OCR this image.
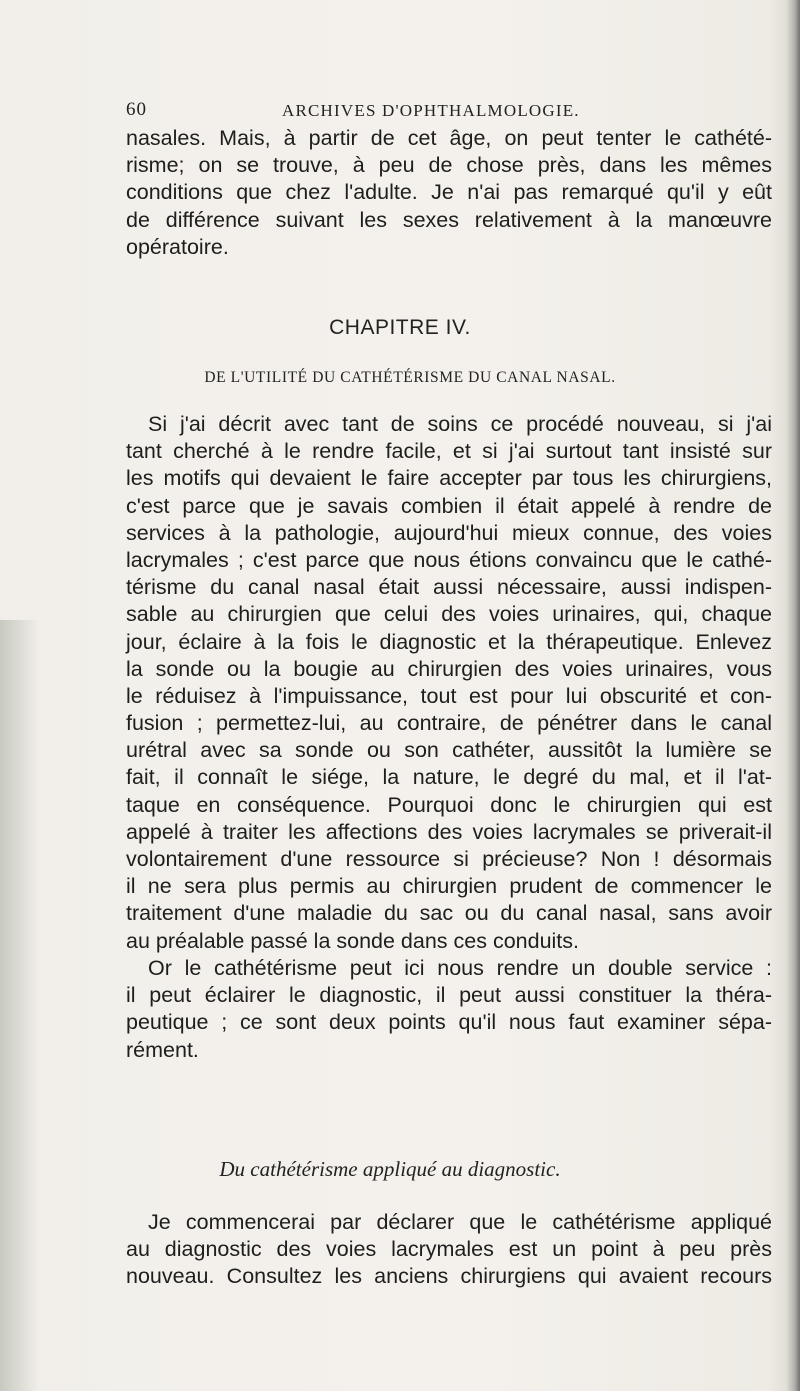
60	ARCHIVES D'OPHTHALMOLOGIE.
nasales. Mais, à partir de cet âge, on peut tenter le cathété-
risme; on se trouve, à peu de chose près, dans les mêmes
conditions que chez l'adulte. Je n'ai pas remarqué qu'il y eût
de différence suivant les sexes relativement à la manœuvre
opératoire.
CHAPITRE IV.
DE L'UTILITÉ DU CATHÉTÉRISME DU CANAL NASAL.
Si j'ai décrit avec tant de soins ce procédé nouveau, si j'ai
tant cherché à le rendre facile, et si j'ai surtout tant insisté sur
les motifs qui devaient le faire accepter par tous les chirurgiens,
c'est parce que je savais combien il était appelé à rendre de
services à la pathologie, aujourd'hui mieux connue, des voies
lacrymales ; c'est parce que nous étions convaincu que le cathé-
térisme du canal nasal était aussi nécessaire, aussi indispen-
sable au chirurgien que celui des voies urinaires, qui, chaque
jour, éclaire à la fois le diagnostic et la thérapeutique. Enlevez
la sonde ou la bougie au chirurgien des voies urinaires, vous
le réduisez à l'impuissance, tout est pour lui obscurité et con-
fusion ; permettez-lui, au contraire, de pénétrer dans le canal
urétral avec sa sonde ou son cathéter, aussitôt la lumière se
fait, il connaît le siége, la nature, le degré du mal, et il l'at-
taque en conséquence. Pourquoi donc le chirurgien qui est
appelé à traiter les affections des voies lacrymales se priverait-il
volontairement d'une ressource si précieuse? Non ! désormais
il ne sera plus permis au chirurgien prudent de commencer le
traitement d'une maladie du sac ou du canal nasal, sans avoir
au préalable passé la sonde dans ces conduits.
Or le cathétérisme peut ici nous rendre un double service :
il peut éclairer le diagnostic, il peut aussi constituer la théra-
peutique ; ce sont deux points qu'il nous faut examiner sépa-
rément.
Du cathétérisme appliqué au diagnostic.
Je commencerai par déclarer que le cathétérisme appliqué
au diagnostic des voies lacrymales est un point à peu près
nouveau. Consultez les anciens chirurgiens qui avaient recours
